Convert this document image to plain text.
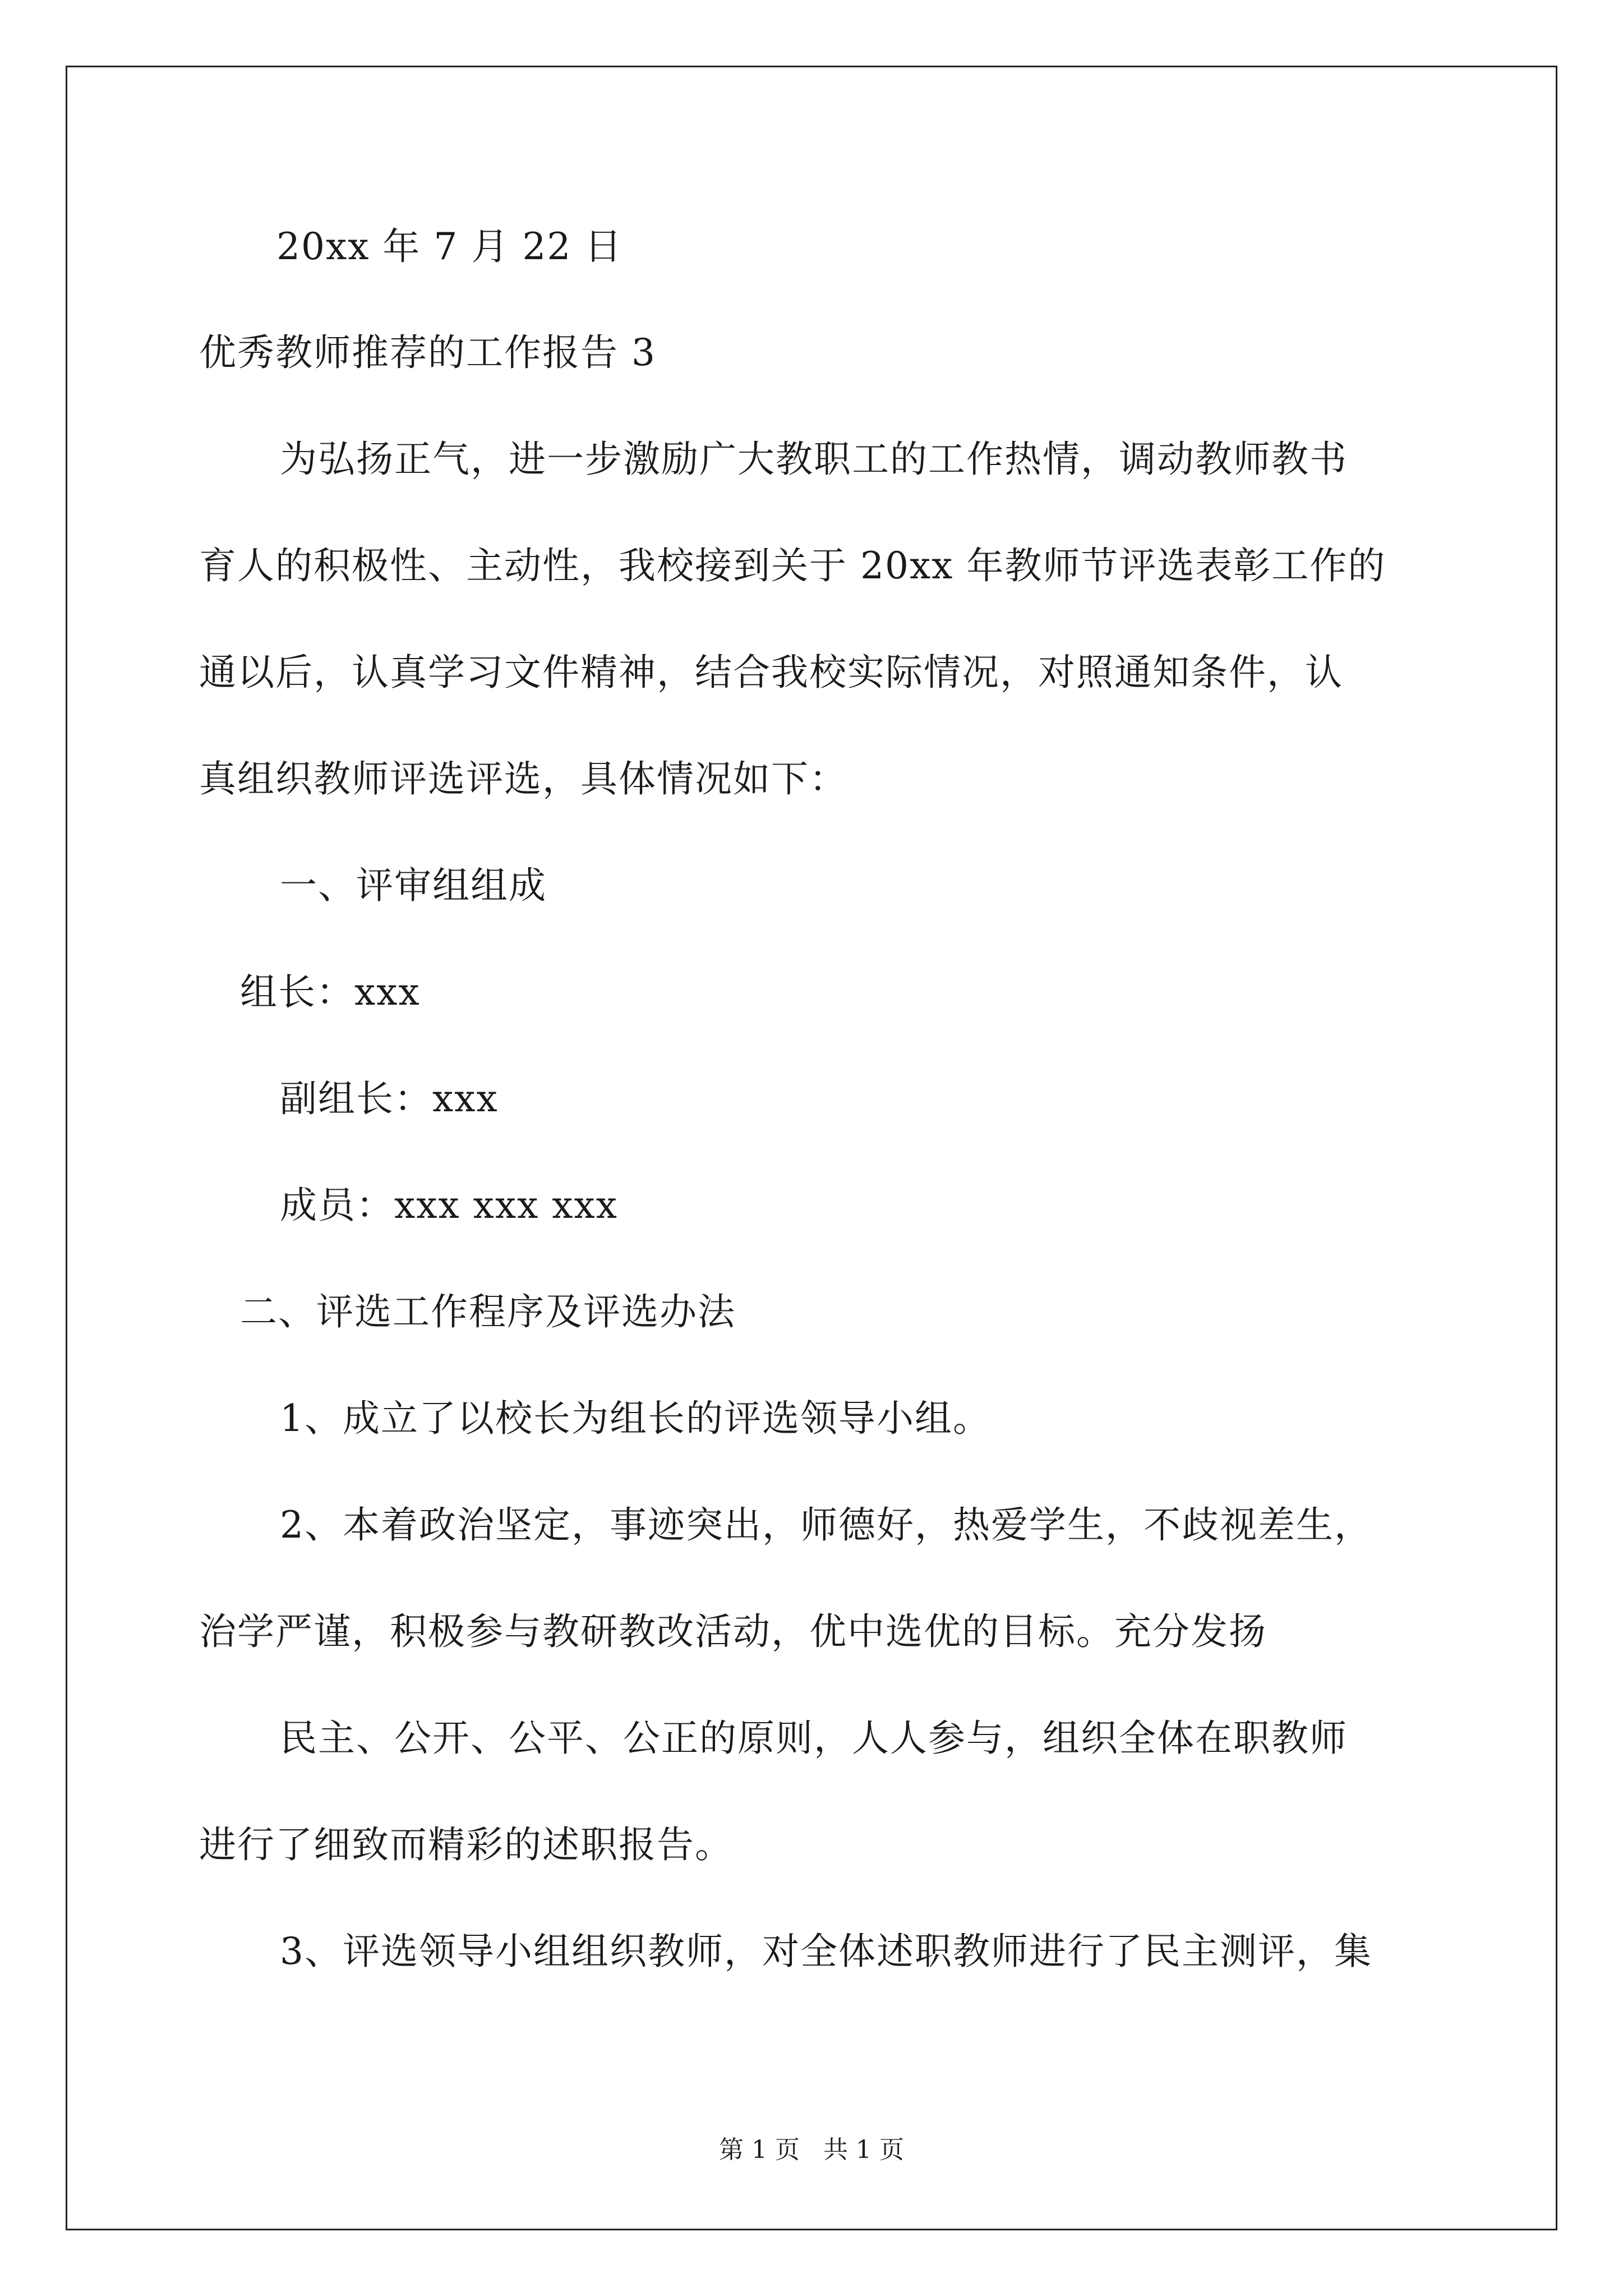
20xx 年 7 月 22 日
优秀教师推荐的工作报告 3
为弘扬正气，进一步激励广大教职工的工作热情，调动教师教书
育人的积极性、主动性，我校接到关于 20xx 年教师节评选表彰工作的
通以后，认真学习文件精神，结合我校实际情况，对照通知条件，认
真组织教师评选评选，具体情况如下：
一、评审组组成
组长：xxx
副组长：xxx
成员：xxx xxx xxx
二、评选工作程序及评选办法
1、成立了以校长为组长的评选领导小组。
2、本着政治坚定，事迹突出，师德好，热爱学生，不歧视差生，
治学严谨，积极参与教研教改活动，优中选优的目标。充分发扬
民主、公开、公平、公正的原则，人人参与，组织全体在职教师
进行了细致而精彩的述职报告。
3、评选领导小组组织教师，对全体述职教师进行了民主测评，集
第 1 页   共 1 页
